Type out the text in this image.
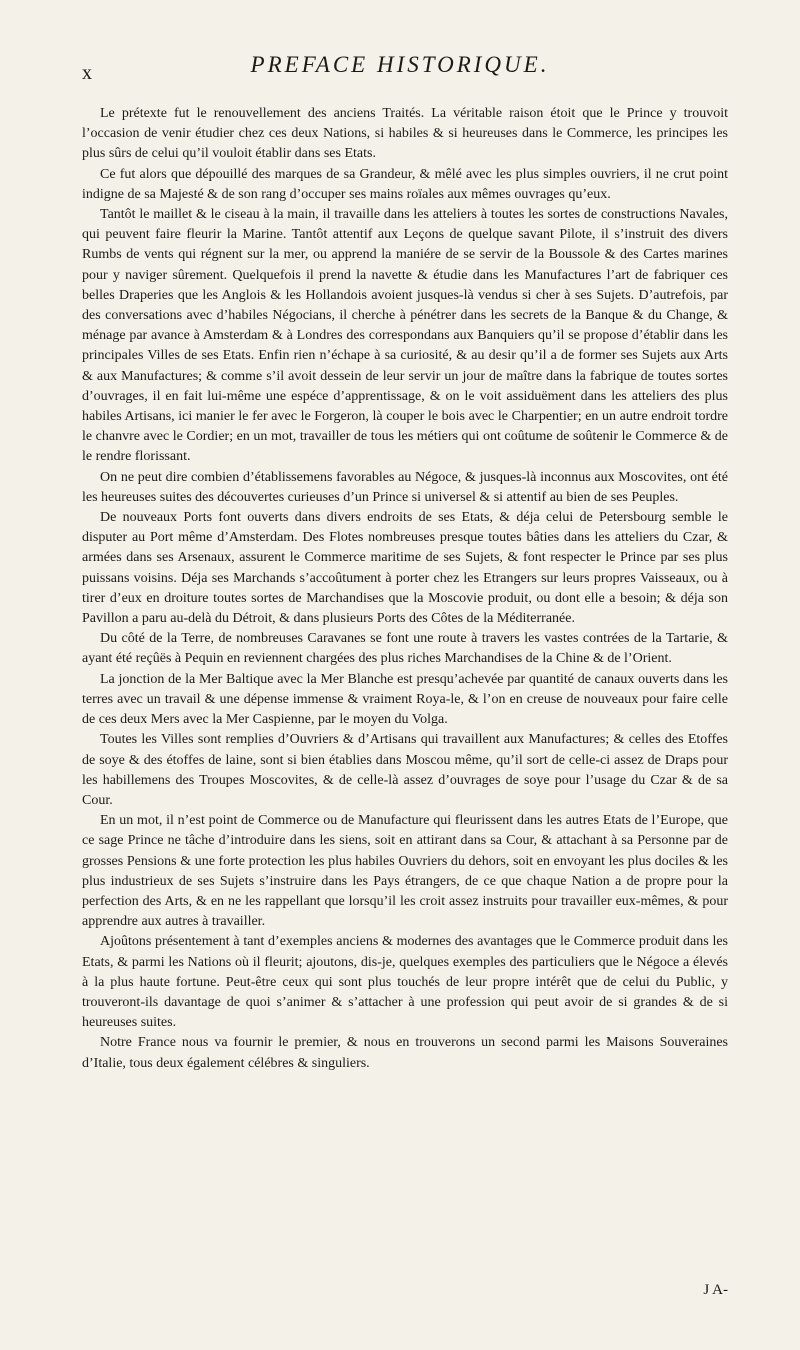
x	PREFACE HISTORIQUE.

Le prétexte fut le renouvellement des anciens Traités. La véritable raison étoit que le Prince y trouvoit l’occasion de venir étudier chez ces deux Nations, si habiles & si heureuses dans le Commerce, les principes les plus sûrs de celui qu’il vouloit établir dans ses Etats.

Ce fut alors que dépouillé des marques de sa Grandeur, & mêlé avec les plus simples ouvriers, il ne crut point indigne de sa Majesté & de son rang d’occuper ses mains roïales aux mêmes ouvrages qu’eux.

Tantôt le maillet & le ciseau à la main, il travaille dans les atteliers à toutes les sortes de constructions Navales, qui peuvent faire fleurir la Marine. Tantôt attentif aux Leçons de quelque savant Pilote, il s’instruit des divers Rumbs de vents qui régnent sur la mer, ou apprend la maniére de se servir de la Boussole & des Cartes marines pour y naviger sûrement. Quelquefois il prend la navette & étudie dans les Manufactures l’art de fabriquer ces belles Draperies que les Anglois & les Hollandois avoient jusques-là vendus si cher à ses Sujets. D’autrefois, par des conversations avec d’habiles Négocians, il cherche à pénétrer dans les secrets de la Banque & du Change, & ménage par avance à Amsterdam & à Londres des correspondans aux Banquiers qu’il se propose d’établir dans les principales Villes de ses Etats. Enfin rien n’échape à sa curiosité, & au desir qu’il a de former ses Sujets aux Arts & aux Manufactures; & comme s’il avoit dessein de leur servir un jour de maître dans la fabrique de toutes sortes d’ouvrages, il en fait lui-même une espéce d’apprentissage, & on le voit assiduëment dans les atteliers des plus habiles Artisans, ici manier le fer avec le Forgeron, là couper le bois avec le Charpentier; en un autre endroit tordre le chanvre avec le Cordier; en un mot, travailler de tous les métiers qui ont coûtume de soûtenir le Commerce & de le rendre florissant.

On ne peut dire combien d’établissemens favorables au Négoce, & jusques-là inconnus aux Moscovites, ont été les heureuses suites des découvertes curieuses d’un Prince si universel & si attentif au bien de ses Peuples.

De nouveaux Ports font ouverts dans divers endroits de ses Etats, & déja celui de Petersbourg semble le disputer au Port même d’Amsterdam. Des Flotes nombreuses presque toutes bâties dans les atteliers du Czar, & armées dans ses Arsenaux, assurent le Commerce maritime de ses Sujets, & font respecter le Prince par ses plus puissans voisins. Déja ses Marchands s’accoûtument à porter chez les Etrangers sur leurs propres Vaisseaux, ou à tirer d’eux en droiture toutes sortes de Marchandises que la Moscovie produit, ou dont elle a besoin; & déja son Pavillon a paru au-delà du Détroit, & dans plusieurs Ports des Côtes de la Méditerranée.

Du côté de la Terre, de nombreuses Caravanes se font une route à travers les vastes contrées de la Tartarie, & ayant été reçûës à Pequin en reviennent chargées des plus riches Marchandises de la Chine & de l’Orient.

La jonction de la Mer Baltique avec la Mer Blanche est presqu’achevée par quantité de canaux ouverts dans les terres avec un travail & une dépense immense & vraiment Roya-le, & l’on en creuse de nouveaux pour faire celle de ces deux Mers avec la Mer Caspienne, par le moyen du Volga.

Toutes les Villes sont remplies d’Ouvriers & d’Artisans qui travaillent aux Manufactures; & celles des Etoffes de soye & des étoffes de laine, sont si bien établies dans Moscou même, qu’il sort de celle-ci assez de Draps pour les habillemens des Troupes Moscovites, & de celle-là assez d’ouvrages de soye pour l’usage du Czar & de sa Cour.

En un mot, il n’est point de Commerce ou de Manufacture qui fleurissent dans les autres Etats de l’Europe, que ce sage Prince ne tâche d’introduire dans les siens, soit en attirant dans sa Cour, & attachant à sa Personne par de grosses Pensions & une forte protection les plus habiles Ouvriers du dehors, soit en envoyant les plus dociles & les plus industrieux de ses Sujets s’instruire dans les Pays étrangers, de ce que chaque Nation a de propre pour la perfection des Arts, & en ne les rappellant que lorsqu’il les croit assez instruits pour travailler eux-mêmes, & pour apprendre aux autres à travailler.

Ajoûtons présentement à tant d’exemples anciens & modernes des avantages que le Commerce produit dans les Etats, & parmi les Nations où il fleurit; ajoutons, dis-je, quelques exemples des particuliers que le Négoce a élevés à la plus haute fortune. Peut-être ceux qui sont plus touchés de leur propre intérêt que de celui du Public, y trouveront-ils davantage de quoi s’animer & s’attacher à une profession qui peut avoir de si grandes & de si heureuses suites.

Notre France nous va fournir le premier, & nous en trouverons un second parmi les Maisons Souveraines d’Italie, tous deux également célébres & singuliers.

J A-
